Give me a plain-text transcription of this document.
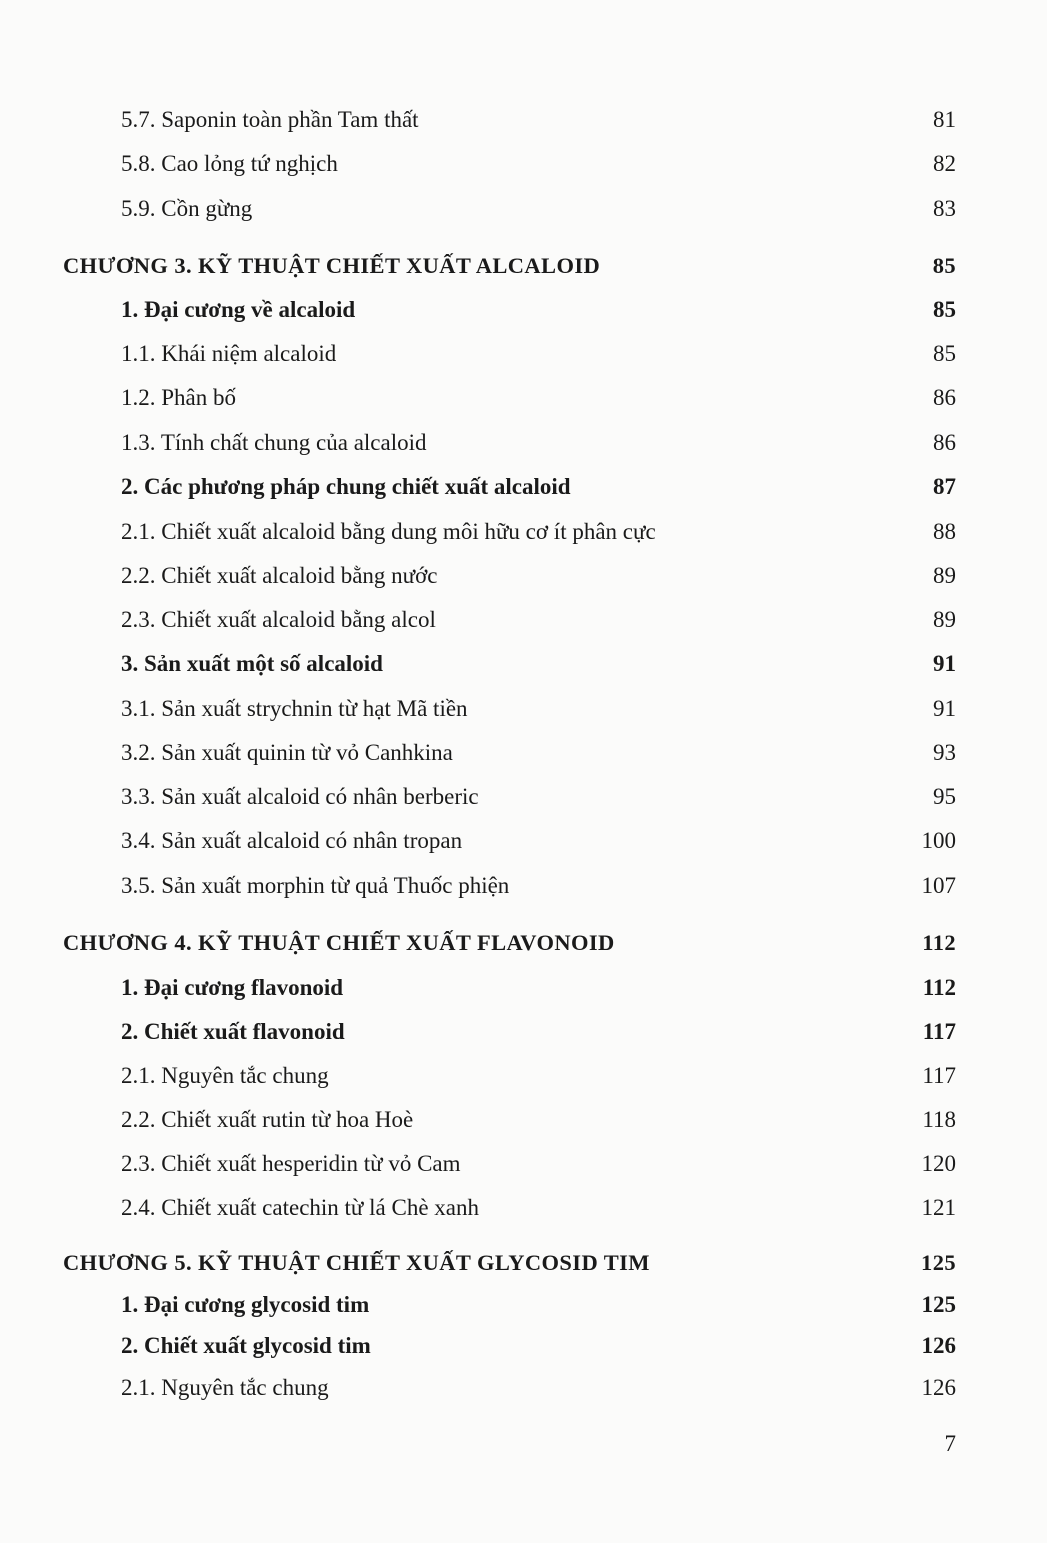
5.7. Saponin toàn phần Tam thất	81
5.8. Cao lỏng tứ nghịch	82
5.9. Cồn gừng	83
CHƯƠNG 3. KỸ THUẬT CHIẾT XUẤT ALCALOID	85
1. Đại cương về alcaloid	85
1.1. Khái niệm alcaloid	85
1.2. Phân bố	86
1.3. Tính chất chung của alcaloid	86
2. Các phương pháp chung chiết xuất alcaloid	87
2.1. Chiết xuất alcaloid bằng dung môi hữu cơ ít phân cực	88
2.2. Chiết xuất alcaloid bằng nước	89
2.3. Chiết xuất alcaloid bằng alcol	89
3. Sản xuất một số alcaloid	91
3.1. Sản xuất strychnin từ hạt Mã tiền	91
3.2. Sản xuất quinin từ vỏ Canhkina	93
3.3. Sản xuất alcaloid có nhân berberic	95
3.4. Sản xuất alcaloid có nhân tropan	100
3.5. Sản xuất morphin từ quả Thuốc phiện	107
CHƯƠNG 4. KỸ THUẬT CHIẾT XUẤT FLAVONOID	112
1. Đại cương flavonoid	112
2. Chiết xuất flavonoid	117
2.1. Nguyên tắc chung	117
2.2. Chiết xuất rutin từ hoa Hoè	118
2.3. Chiết xuất hesperidin từ vỏ Cam	120
2.4. Chiết xuất catechin từ lá Chè xanh	121
CHƯƠNG 5. KỸ THUẬT CHIẾT XUẤT GLYCOSID TIM	125
1. Đại cương glycosid tim	125
2. Chiết xuất glycosid tim	126
2.1. Nguyên tắc chung	126
7
